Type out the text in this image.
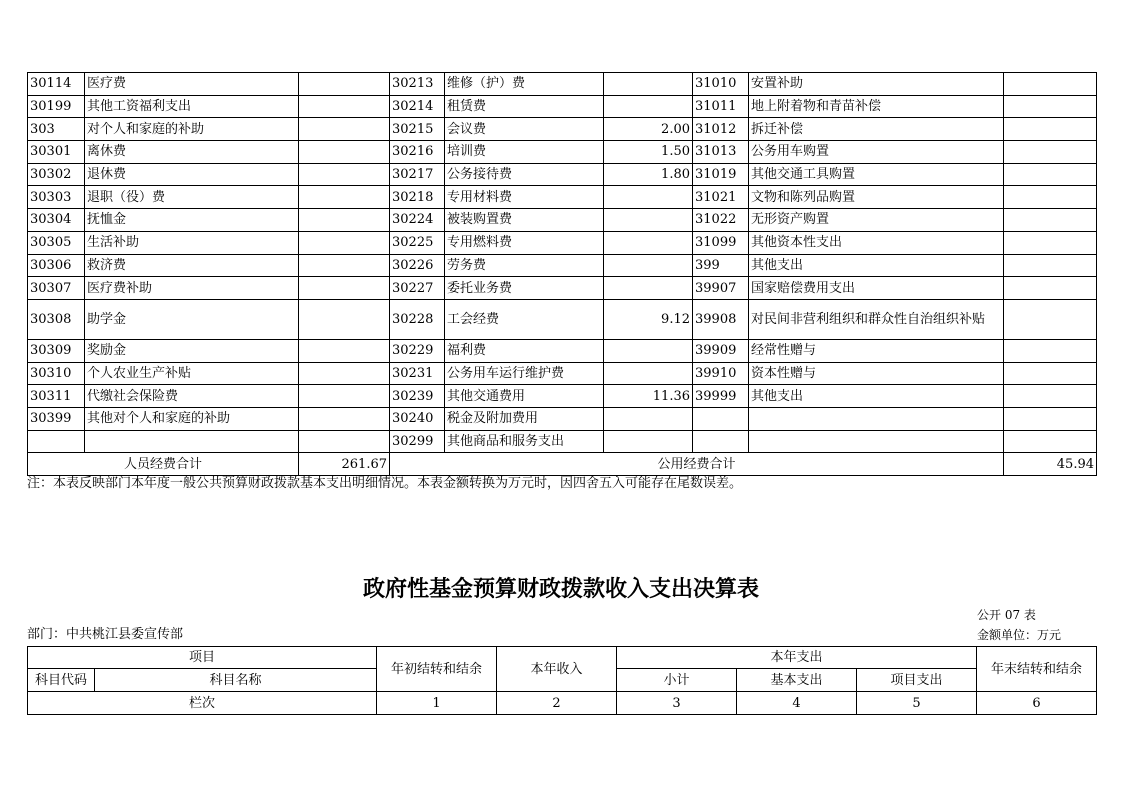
30114	医疗费		30213	维修（护）费		31010	安置补助	
30199	其他工资福利支出		30214	租赁费		31011	地上附着物和青苗补偿	
303	对个人和家庭的补助		30215	会议费	2.00	31012	拆迁补偿	
30301	离休费		30216	培训费	1.50	31013	公务用车购置	
30302	退休费		30217	公务接待费	1.80	31019	其他交通工具购置	
30303	退职（役）费		30218	专用材料费		31021	文物和陈列品购置	
30304	抚恤金		30224	被装购置费		31022	无形资产购置	
30305	生活补助		30225	专用燃料费		31099	其他资本性支出	
30306	救济费		30226	劳务费		399	其他支出	
30307	医疗费补助		30227	委托业务费		39907	国家赔偿费用支出	
30308	助学金		30228	工会经费	9.12	39908	对民间非营利组织和群众性自治组织补贴	
30309	奖励金		30229	福利费		39909	经常性赠与	
30310	个人农业生产补贴		30231	公务用车运行维护费		39910	资本性赠与	
30311	代缴社会保险费		30239	其他交通费用	11.36	39999	其他支出	
30399	其他对个人和家庭的补助		30240	税金及附加费用				
			30299	其他商品和服务支出				
人员经费合计		261.67	公用经费合计					45.94
注：本表反映部门本年度一般公共预算财政拨款基本支出明细情况。本表金额转换为万元时，因四舍五入可能存在尾数误差。
政府性基金预算财政拨款收入支出决算表
公开 07 表
部门：中共桃江县委宣传部	金额单位：万元
项目		年初结转和结余	本年收入	本年支出			年末结转和结余
科目代码	科目名称			小计	基本支出	项目支出	
栏次		1	2	3	4	5	6
